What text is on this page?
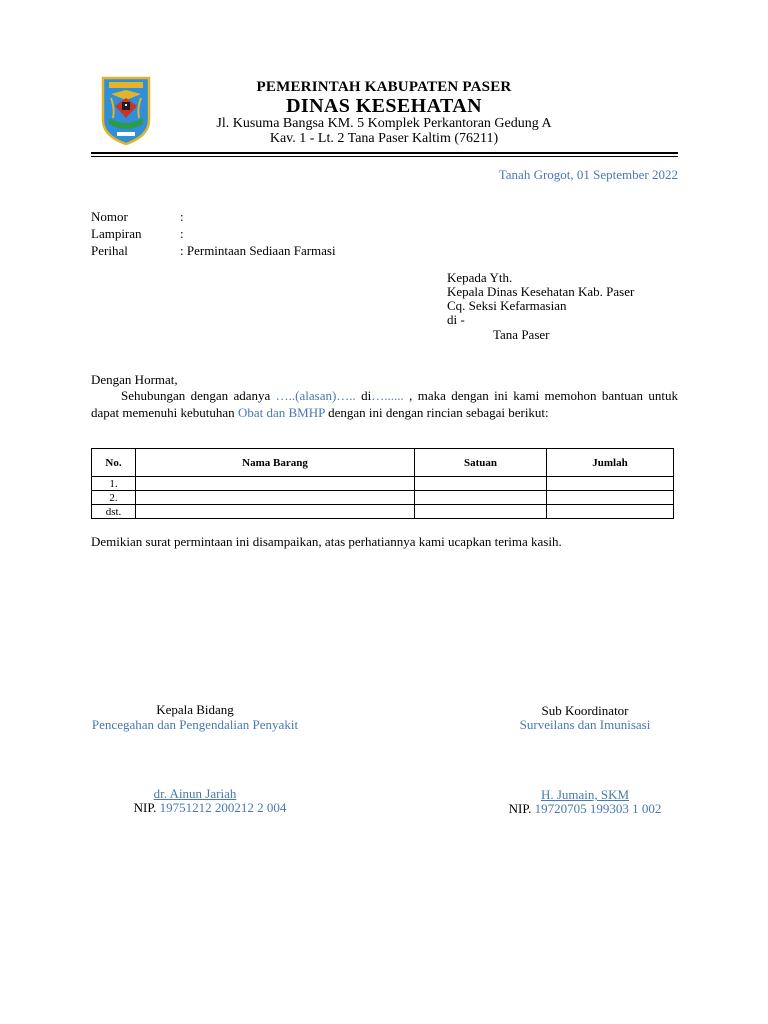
PEMERINTAH KABUPATEN PASER
DINAS KESEHATAN
Jl. Kusuma Bangsa KM. 5 Komplek Perkantoran Gedung A
Kav. 1 - Lt. 2 Tana Paser Kaltim (76211)
Tanah Grogot, 01 September 2022
Nomor	:
Lampiran	:
Perihal	: Permintaan Sediaan Farmasi
Kepada Yth.
Kepala Dinas Kesehatan Kab. Paser
Cq. Seksi Kefarmasian
di -
Tana Paser
Dengan Hormat,

Sehubungan dengan adanya …..(alasan)….. di…...... , maka dengan ini kami memohon bantuan untuk dapat memenuhi kebutuhan Obat dan BMHP dengan ini dengan rincian sebagai berikut:

No.	Nama Barang	Satuan	Jumlah
1.			
2.			
dst.			
Demikian surat permintaan ini disampaikan, atas perhatiannya kami ucapkan terima kasih.
Kepala Bidang
Pencegahan dan Pengendalian Penyakit
dr. Ainun Jariah
NIP. 19751212 200212 2 004
Sub Koordinator
Surveilans dan Imunisasi
H. Jumain, SKM
NIP. 19720705 199303 1 002
